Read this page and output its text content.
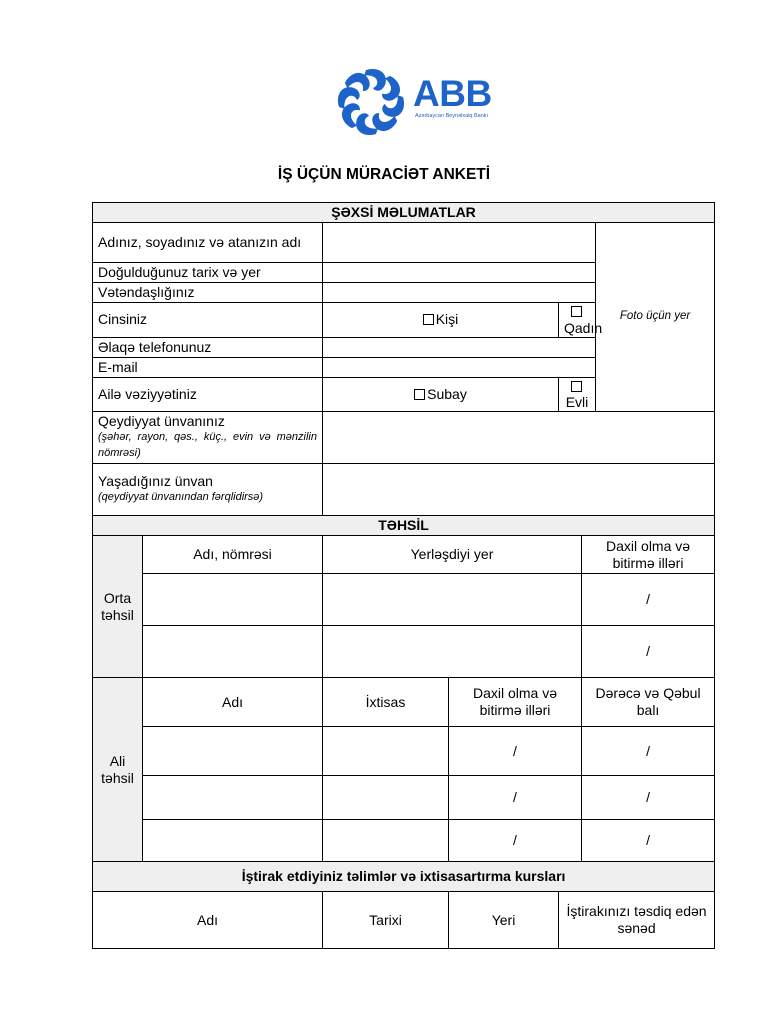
ABB
Azərbaycan Beynəlxalq Bankı
İŞ ÜÇÜN MÜRACİƏT ANKETİ
ŞƏXSİ MƏLUMATLAR						
Adınız, soyadınız və atanızın adı						Foto üçün yer
Doğulduğunuz tarix və yer						
Vətəndaşlığınız						
Cinsiniz		Kişi		Qadın		
Əlaqə telefonunuz						
E-mail						
Ailə vəziyyətiniz		Subay		Evli		
Qeydiyyat ünvanınız
(şəhər, rayon, qəs., küç., evin və mənzilin nömrəsi)						

Yaşadığınız ünvan
(qeydiyyat ünvanından fərqlidirsə)						

TƏHSİL						
Orta təhsil	Adı, nömrəsi	Yerləşdiyi yer			Daxil olma və bitirmə illəri	
					/	
					/	
Ali təhsil	Adı	İxtisas	Daxil olma və bitirmə illəri		Dərəcə və Qəbul balı	
			/		/	
			/		/	
			/		/	
İştirak etdiyiniz təlimlər və ixtisasartırma kursları						
Adı		Tarixi	Yeri	İştirakınızı təsdiq edən sənəd		
